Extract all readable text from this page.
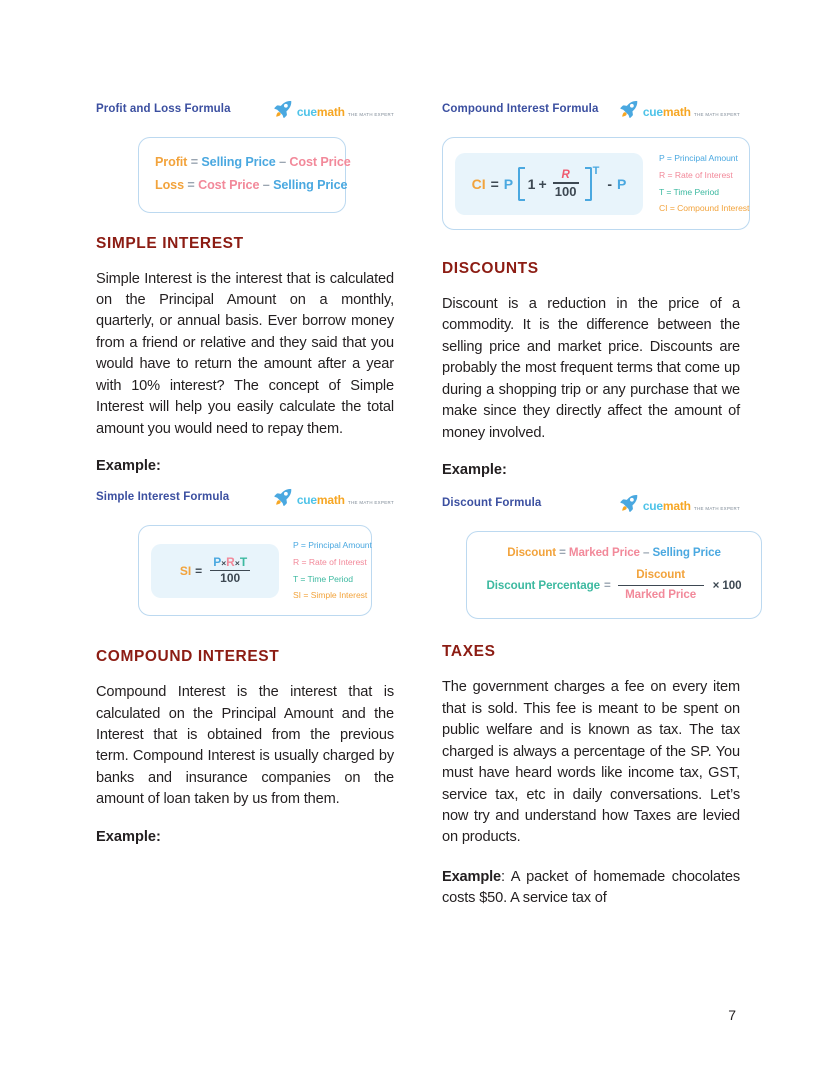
Profit and Loss Formula	cuemath THE MATH EXPERT
Profit = Selling Price – Cost Price
Loss = Cost Price – Selling Price
SIMPLE INTEREST

Simple Interest is the interest that is calculated on the Principal Amount on a monthly, quarterly, or annual basis. Ever borrow money from a friend or relative and they said that you would have to return the amount after a year with 10% interest? The concept of Simple Interest will help you easily calculate the total amount you would need to repay them.

Example:

Simple Interest Formula	cuemath THE MATH EXPERT
SI = $\frac{P\times R\times T}{100}$
P = Principal Amount
R = Rate of Interest
T = Time Period
SI = Simple Interest
COMPOUND INTEREST

Compound Interest is the interest that is calculated on the Principal Amount and the Interest that is obtained from the previous term. Compound Interest is usually charged by banks and insurance companies on the amount of loan taken by us from them.

Example:

Compound Interest Formula	cuemath THE MATH EXPERT
CI = P $1 + \frac{R}{100}$ T
- P
P = Principal Amount
R = Rate of Interest
T = Time Period
CI = Compound Interest
DISCOUNTS

Discount is a reduction in the price of a commodity. It is the difference between the selling price and market price. Discounts are probably the most frequent terms that come up during a shopping trip or any purchase that we make since they directly affect the amount of money involved.

Example:

Discount Formula	cuemath THE MATH EXPERT
Discount = Marked Price – Selling Price
Discount Percentage = $\frac{\text{Discount}}{\text{Marked Price}} \times 100$
TAXES

The government charges a fee on every item that is sold. This fee is meant to be spent on public welfare and is known as tax. The tax charged is always a percentage of the SP. You must have heard words like income tax, GST, service tax, etc in daily conversations. Let’s now try and understand how Taxes are levied on products.

Example: A packet of homemade chocolates costs $50. A service tax of

7
